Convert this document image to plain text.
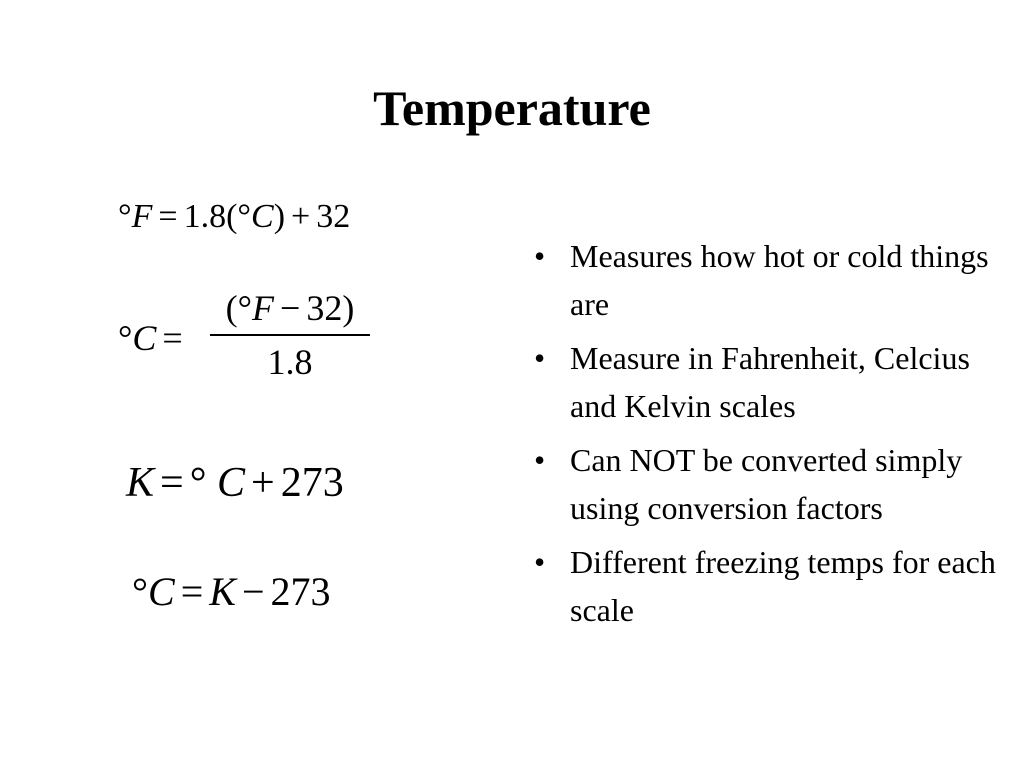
Temperature
°F = 1.8(°C) + 32
°C =
(°F − 32)
1.8
K = ° C + 273
°C = K − 273
• Measures how hot or cold things are
• Measure in Fahrenheit, Celcius and Kelvin scales
• Can NOT be converted simply using conversion factors
• Different freezing temps for each scale
